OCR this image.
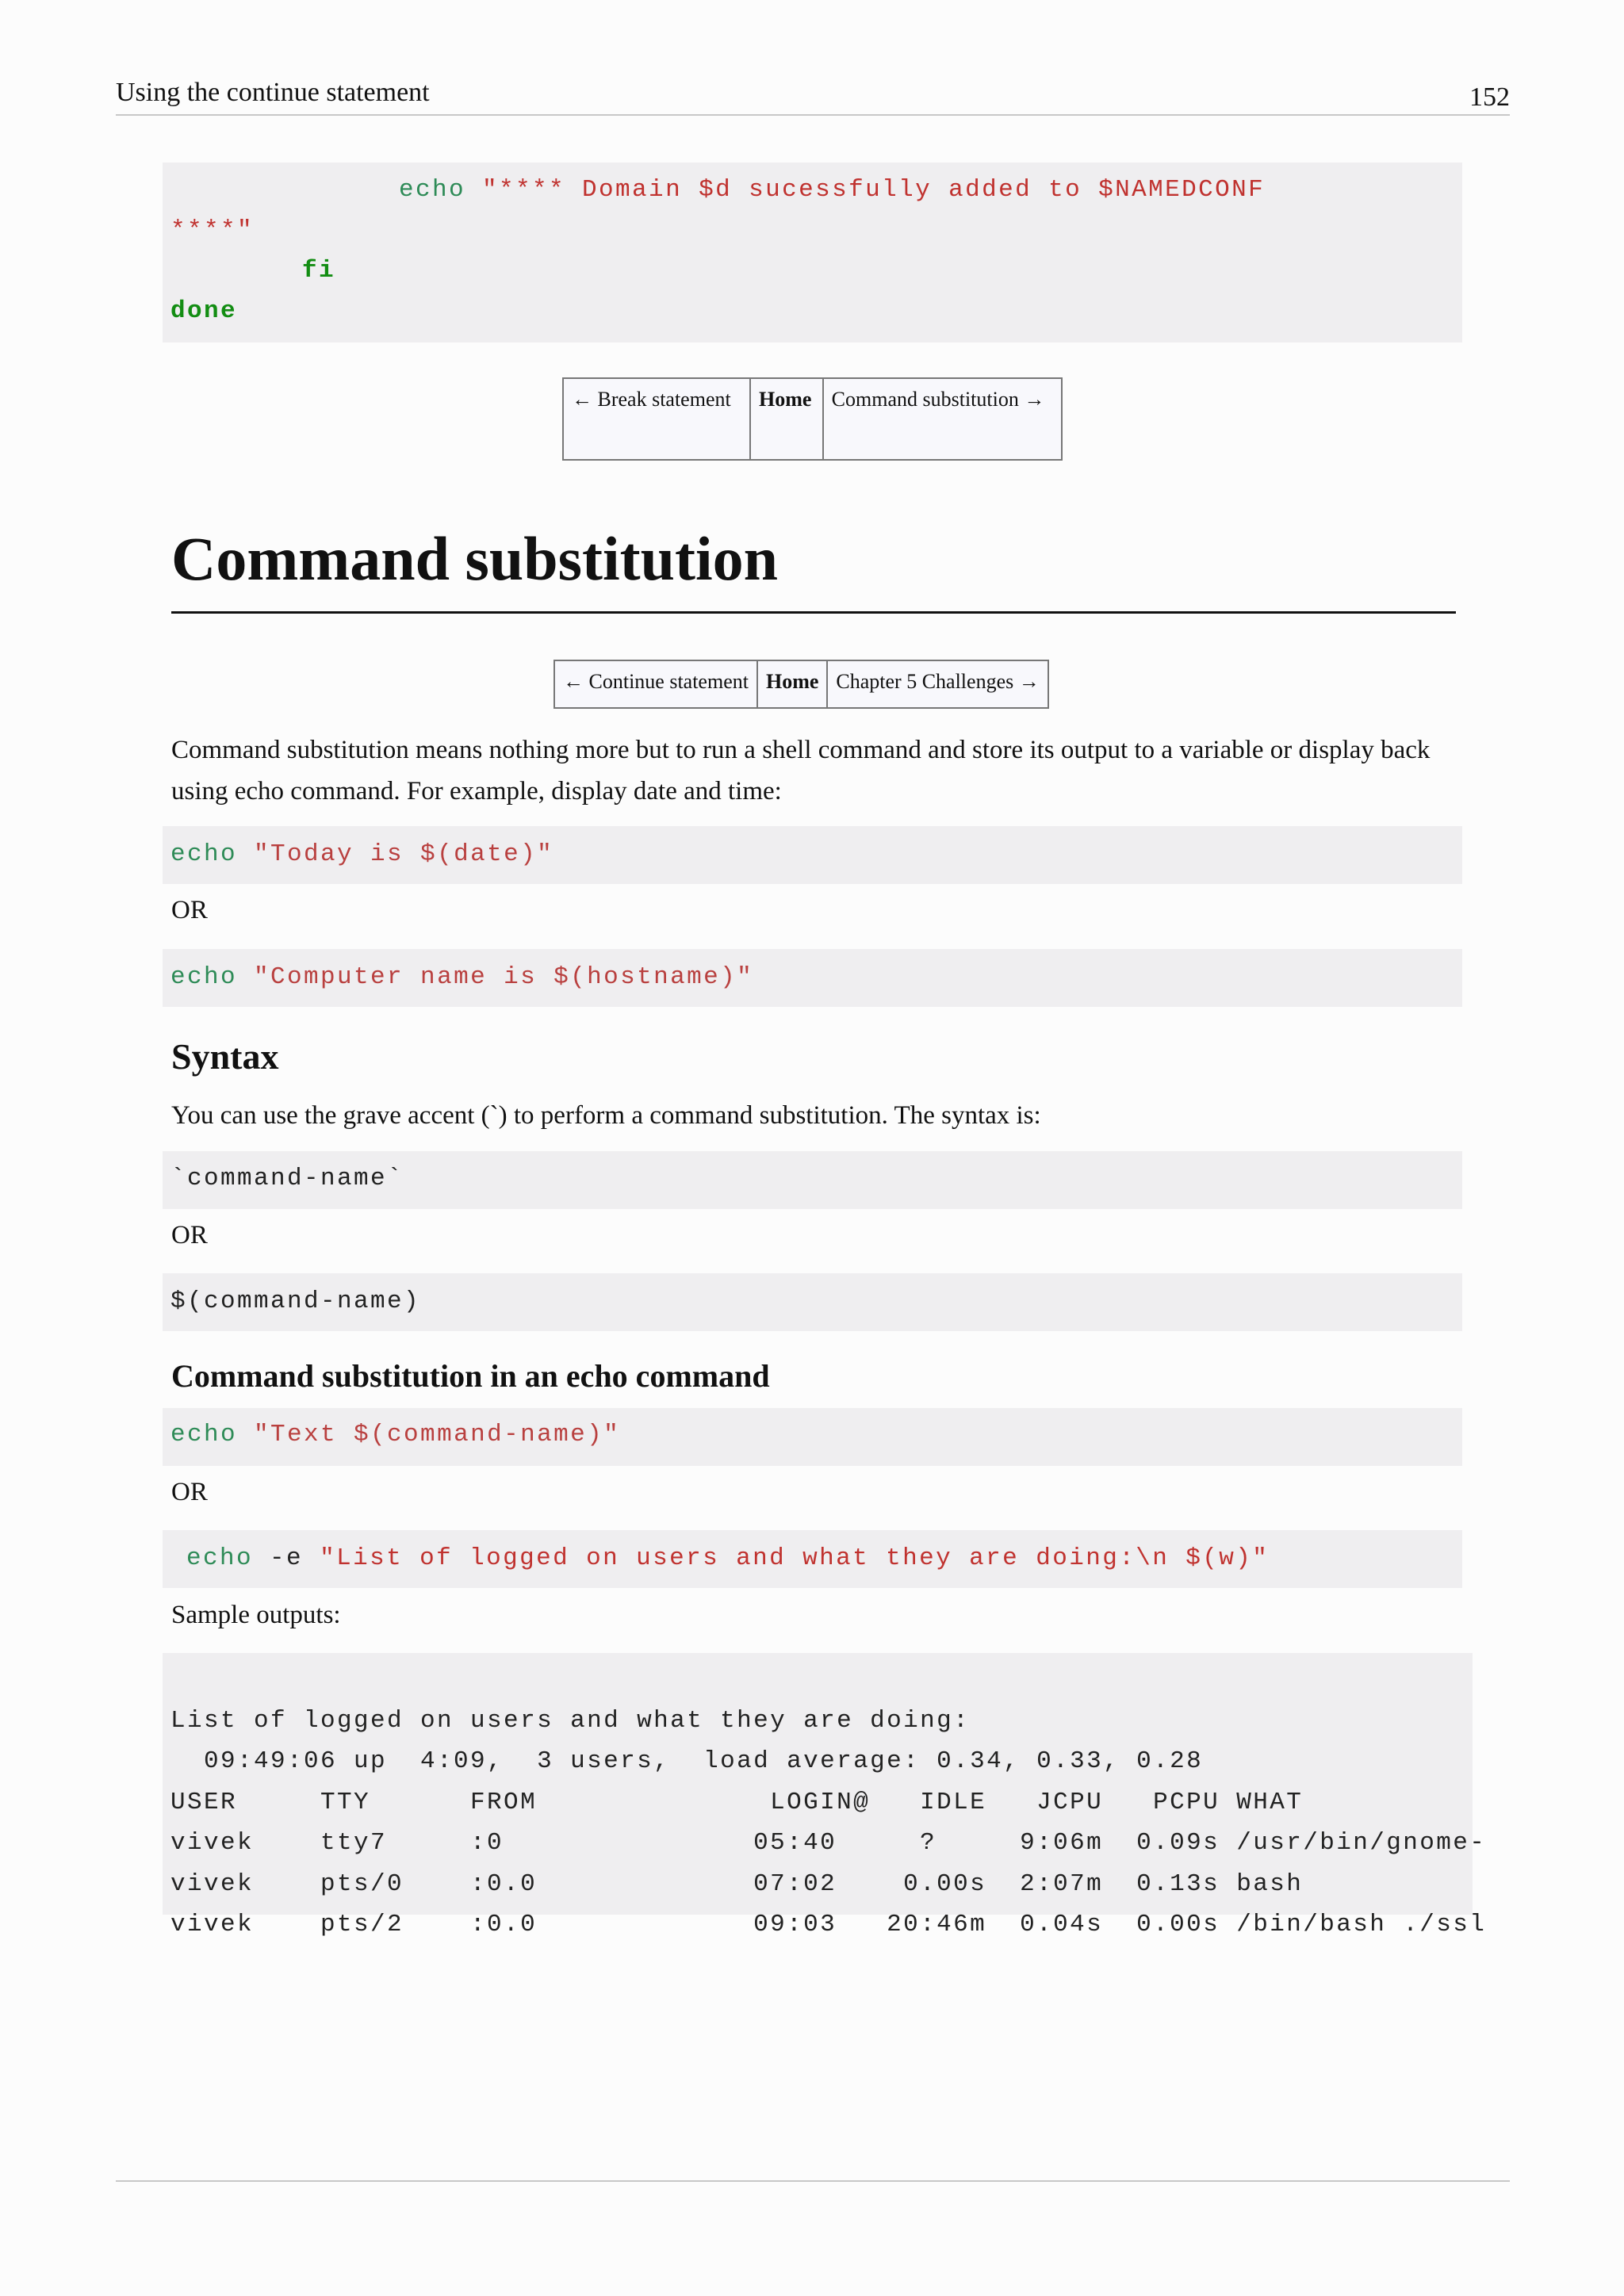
Using the continue statement	152
echo "**** Domain $d sucessfully added to $NAMEDCONF
****"
fi
done
← Break statement	Home	Command substitution →
Command substitution
← Continue statement	Home	Chapter 5 Challenges →
Command substitution means nothing more but to run a shell command and store its output to a variable or display back using echo command. For example, display date and time:
echo "Today is $(date)"
OR
echo "Computer name is $(hostname)"
Syntax
You can use the grave accent (`) to perform a command substitution. The syntax is:
`command-name`
OR
$(command-name)
Command substitution in an echo command
echo "Text $(command-name)"
OR
echo -e "List of logged on users and what they are doing:\n $(w)"
Sample outputs:

List of logged on users and what they are doing:
09:49:06 up  4:09,  3 users,  load average: 0.34, 0.33, 0.28
USER     TTY      FROM              LOGIN@   IDLE   JCPU   PCPU WHAT
vivek    tty7     :0               05:40     ?     9:06m  0.09s /usr/bin/gnome-
vivek    pts/0    :0.0             07:02    0.00s  2:07m  0.13s bash
vivek    pts/2    :0.0             09:03   20:46m  0.04s  0.00s /bin/bash ./ssl
